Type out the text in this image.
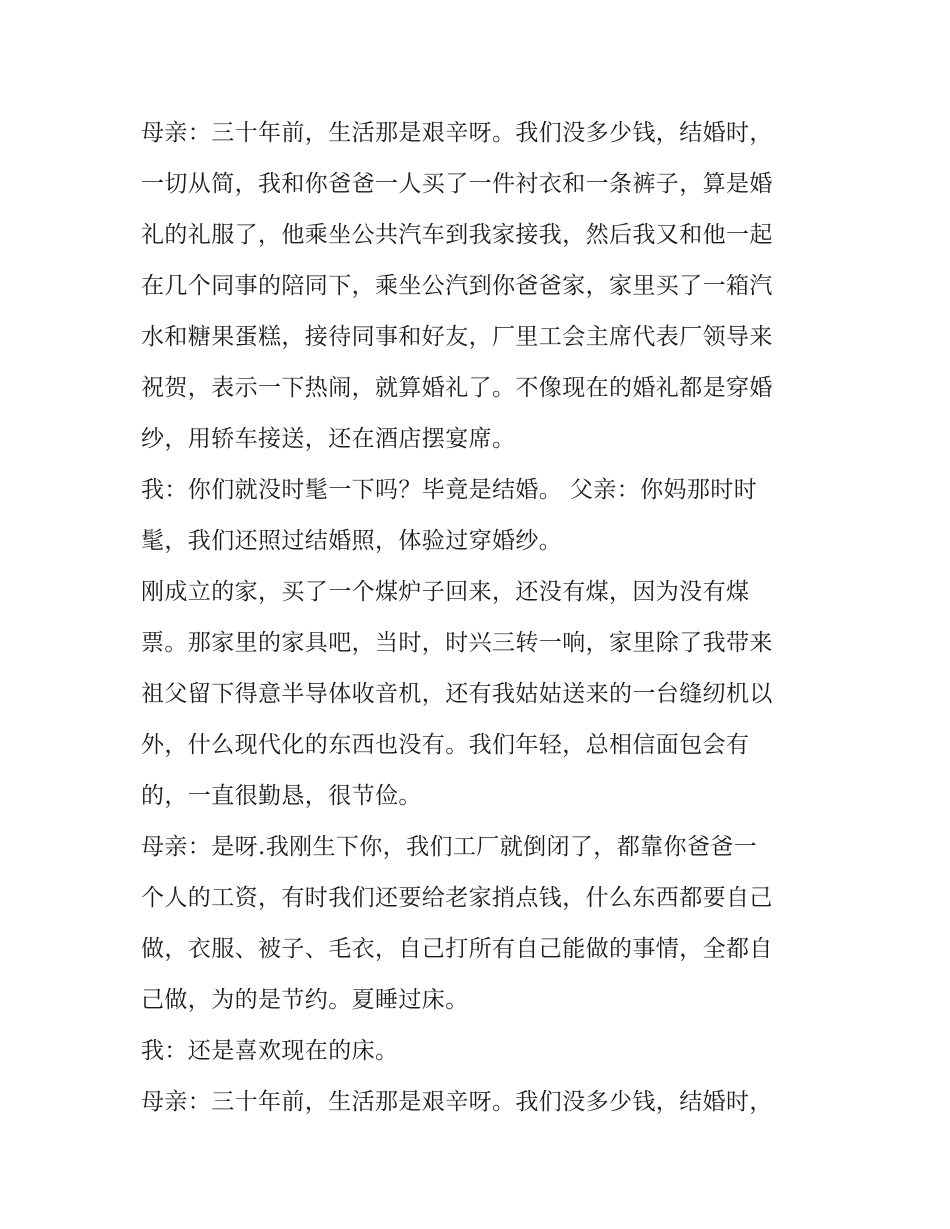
母亲：三十年前，生活那是艰辛呀。我们没多少钱，结婚时，
一切从简，我和你爸爸一人买了一件衬衣和一条裤子，算是婚
礼的礼服了，他乘坐公共汽车到我家接我，然后我又和他一起
在几个同事的陪同下，乘坐公汽到你爸爸家，家里买了一箱汽
水和糖果蛋糕，接待同事和好友，厂里工会主席代表厂领导来
祝贺，表示一下热闹，就算婚礼了。不像现在的婚礼都是穿婚
纱，用轿车接送，还在酒店摆宴席。

我：你们就没时髦一下吗？毕竟是结婚。 父亲：你妈那时时
髦，我们还照过结婚照，体验过穿婚纱。

刚成立的家，买了一个煤炉子回来，还没有煤，因为没有煤
票。那家里的家具吧，当时，时兴三转一响，家里除了我带来
祖父留下得意半导体收音机，还有我姑姑送来的一台缝纫机以
外，什么现代化的东西也没有。我们年轻，总相信面包会有
的，一直很勤恳，很节俭。

母亲：是呀.我刚生下你，我们工厂就倒闭了，都靠你爸爸一
个人的工资，有时我们还要给老家捎点钱，什么东西都要自己
做，衣服、被子、毛衣，自己打所有自己能做的事情，全都自
己做，为的是节约。夏睡过床。

我：还是喜欢现在的床。

母亲：三十年前，生活那是艰辛呀。我们没多少钱，结婚时，
